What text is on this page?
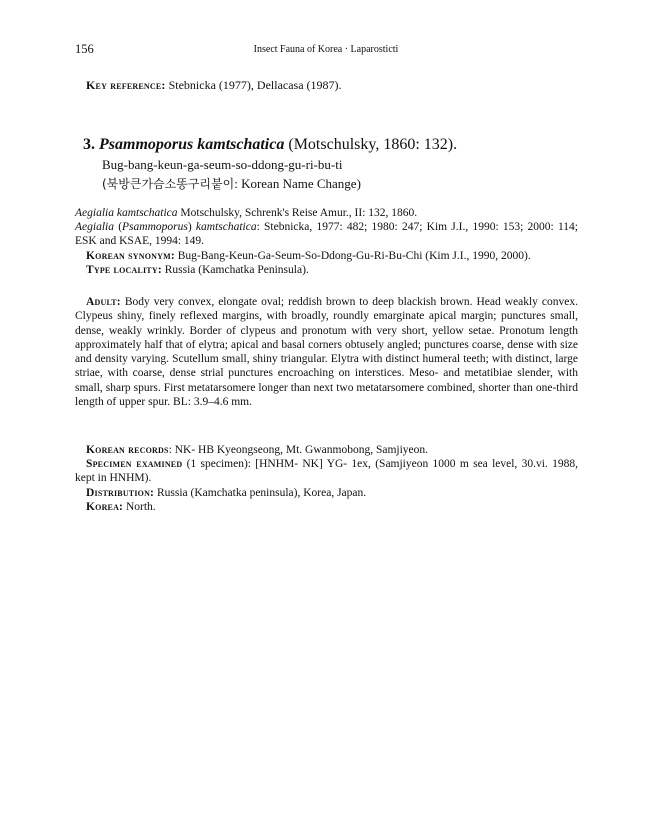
156	Insect Fauna of Korea · Laparosticti
Key reference: Stebnicka (1977), Dellacasa (1987).
3. Psammoporus kamtschatica (Motschulsky, 1860: 132).
Bug-bang-keun-ga-seum-so-ddong-gu-ri-bu-ti
(북방큰가슴소똥구리붙이: Korean Name Change)
Aegialia kamtschatica Motschulsky, Schrenk's Reise Amur., II: 132, 1860.
Aegialia (Psammoporus) kamtschatica: Stebnicka, 1977: 482; 1980: 247; Kim J.I., 1990: 153; 2000: 114; ESK and KSAE, 1994: 149.
Korean synonym: Bug-Bang-Keun-Ga-Seum-So-Ddong-Gu-Ri-Bu-Chi (Kim J.I., 1990, 2000).
Type locality: Russia (Kamchatka Peninsula).
Adult: Body very convex, elongate oval; reddish brown to deep blackish brown. Head weakly convex. Clypeus shiny, finely reflexed margins, with broadly, roundly emarginate apical margin; punctures small, dense, weakly wrinkly. Border of clypeus and pronotum with very short, yellow setae. Pronotum length approximately half that of elytra; apical and basal corners obtusely angled; punctures coarse, dense with size and density varying. Scutellum small, shiny triangular. Elytra with distinct humeral teeth; with distinct, large striae, with coarse, dense strial punctures encroaching on interstices. Meso- and metatibiae slender, with small, sharp spurs. First metatarsomere longer than next two metatarsomere combined, shorter than one-third length of upper spur. BL: 3.9–4.6 mm.
Korean records: NK- HB Kyeongseong, Mt. Gwanmobong, Samjiyeon.
Specimen examined (1 specimen): [HNHM- NK] YG- 1ex, (Samjiyeon 1000 m sea level, 30.vi. 1988, kept in HNHM).
Distribution: Russia (Kamchatka peninsula), Korea, Japan.
Korea: North.
